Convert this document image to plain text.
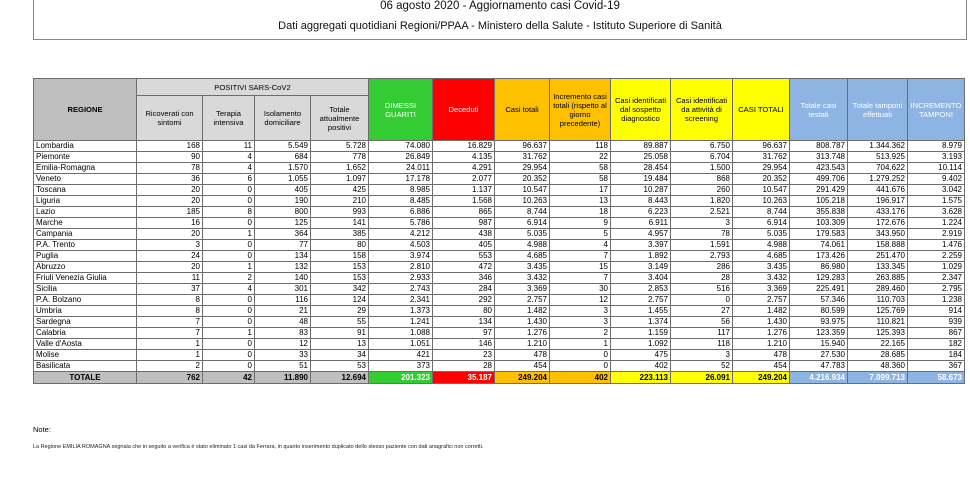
06 agosto 2020 - Aggiornamento casi Covid-19
Dati aggregati quotidiani Regioni/PPAA - Ministero della Salute - Istituto Superiore di Sanità
REGIONE	POSITIVI SARS-CoV2				DIMESSI GUARITI	Deceduti	Casi totali	Incremento casi totali (rispetto al giorno precedente)	Casi identificati dal sospetto diagnostico	Casi identificati da attività di screening	CASI TOTALI	Totale casi testati	Totale tamponi effettuati	INCREMENTO TAMPONI
	Ricoverati con sintomi	Terapia intensiva	Isolamento domiciliare	Totale attualmente positivi										
Lombardia	168	11	5.549	5.728	74.080	16.829	96.637	118	89.887	6.750	96.637	808.787	1.344.362	8.979
Piemonte	90	4	684	778	26.849	4.135	31.762	22	25.058	6.704	31.762	313.748	513.925	3.193
Emilia-Romagna	78	4	1.570	1.652	24.011	4.291	29.954	58	28.454	1.500	29.954	423.543	704.622	10.114
Veneto	36	6	1.055	1.097	17.178	2.077	20.352	58	19.484	868	20.352	499.706	1.279.252	9.402
Toscana	20	0	405	425	8.985	1.137	10.547	17	10.287	260	10.547	291.429	441.676	3.042
Liguria	20	0	190	210	8.485	1.568	10.263	13	8.443	1.820	10.263	105.218	196.917	1.575
Lazio	185	8	800	993	6.886	865	8.744	18	6.223	2.521	8.744	355.838	433.176	3.628
Marche	16	0	125	141	5.786	987	6.914	9	6.911	3	6.914	103.309	172.676	1.224
Campania	20	1	364	385	4.212	438	5.035	5	4.957	78	5.035	179.583	343.950	2.919
P.A. Trento	3	0	77	80	4.503	405	4.988	4	3.397	1.591	4.988	74.061	158.888	1.476
Puglia	24	0	134	158	3.974	553	4.685	7	1.892	2.793	4.685	173.426	251.470	2.259
Abruzzo	20	1	132	153	2.810	472	3.435	15	3.149	286	3.435	86.980	133.345	1.029
Friuli Venezia Giulia	11	2	140	153	2.933	346	3.432	7	3.404	28	3.432	129.283	263.885	2.347
Sicilia	37	4	301	342	2.743	284	3.369	30	2.853	516	3.369	225.491	289.460	2.795
P.A. Bolzano	8	0	116	124	2.341	292	2.757	12	2.757	0	2.757	57.346	110.703	1.238
Umbria	8	0	21	29	1.373	80	1.482	3	1.455	27	1.482	80.599	125.769	914
Sardegna	7	0	48	55	1.241	134	1.430	3	1.374	56	1.430	93.975	110.821	939
Calabria	7	1	83	91	1.088	97	1.276	2	1.159	117	1.276	123.359	125.393	867
Valle d'Aosta	1	0	12	13	1.051	146	1.210	1	1.092	118	1.210	15.940	22.165	182
Molise	1	0	33	34	421	23	478	0	475	3	478	27.530	28.685	184
Basilicata	2	0	51	53	373	28	454	0	402	52	454	47.783	48.360	367
TOTALE	762	42	11.890	12.694	201.323	35.187	249.204	402	223.113	26.091	249.204	4.216.934	7.099.713	58.673
Note:
La Regione EMILIA ROMAGNA segnala che in seguito a verifica è stato eliminato 1 casi da Ferrara, in quanto inserimento duplicato dello stesso paziente con dati anagrafici non corretti.
